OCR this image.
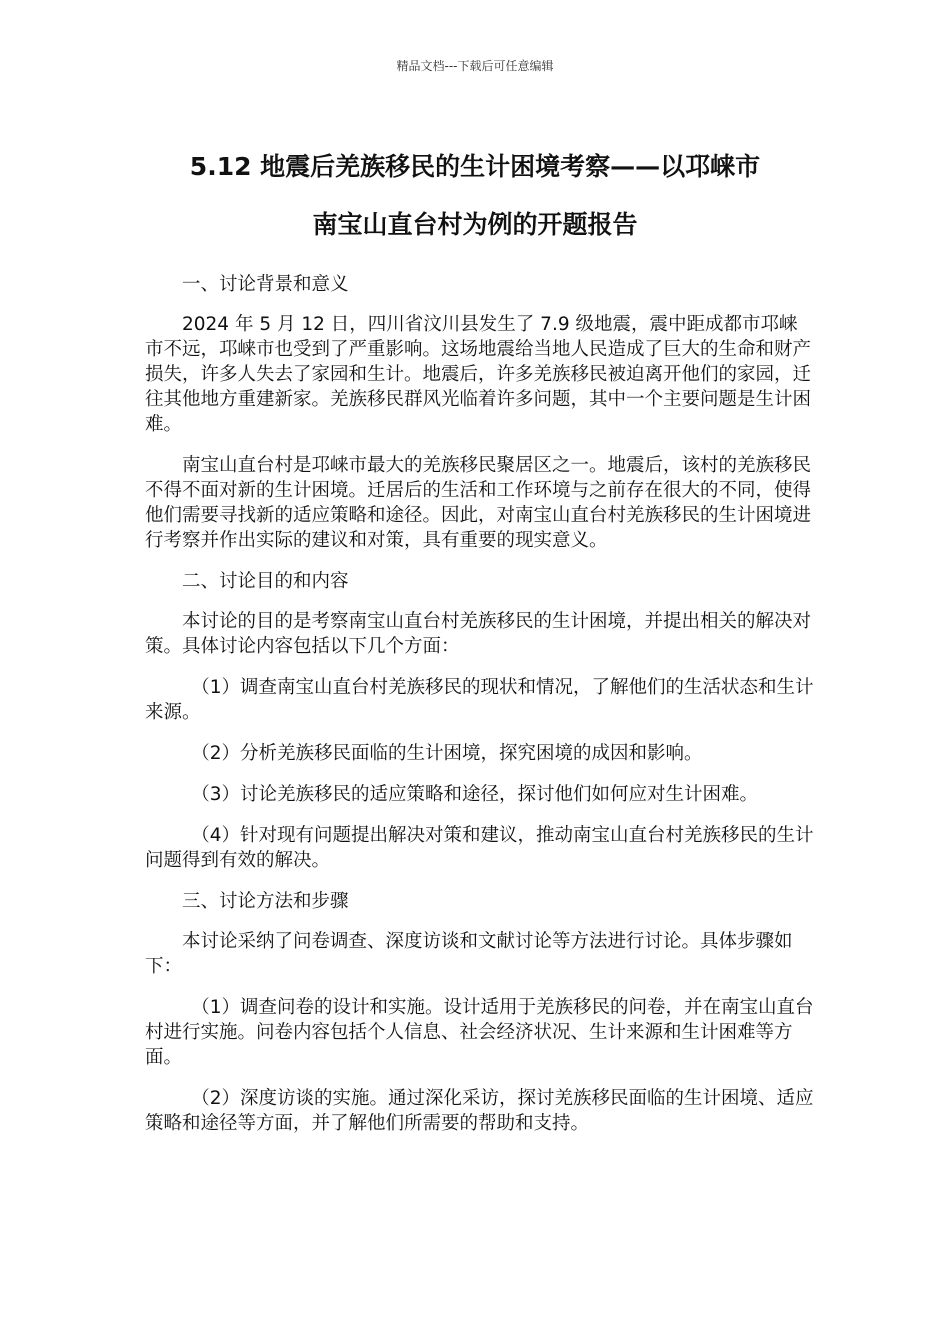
精品文档---下载后可任意编辑
5.12 地震后羌族移民的生计困境考察——以邛崃市
南宝山直台村为例的开题报告

一、讨论背景和意义

2024 年 5 月 12 日，四川省汶川县发生了 7.9 级地震，震中距成都市邛崃市不远，邛崃市也受到了严重影响。这场地震给当地人民造成了巨大的生命和财产损失，许多人失去了家园和生计。地震后，许多羌族移民被迫离开他们的家园，迁往其他地方重建新家。羌族移民群风光临着许多问题，其中一个主要问题是生计困难。

南宝山直台村是邛崃市最大的羌族移民聚居区之一。地震后，该村的羌族移民不得不面对新的生计困境。迁居后的生活和工作环境与之前存在很大的不同，使得他们需要寻找新的适应策略和途径。因此，对南宝山直台村羌族移民的生计困境进行考察并作出实际的建议和对策，具有重要的现实意义。

二、讨论目的和内容

本讨论的目的是考察南宝山直台村羌族移民的生计困境，并提出相关的解决对策。具体讨论内容包括以下几个方面：

（1）调查南宝山直台村羌族移民的现状和情况，了解他们的生活状态和生计来源。

（2）分析羌族移民面临的生计困境，探究困境的成因和影响。

（3）讨论羌族移民的适应策略和途径，探讨他们如何应对生计困难。

（4）针对现有问题提出解决对策和建议，推动南宝山直台村羌族移民的生计问题得到有效的解决。

三、讨论方法和步骤

本讨论采纳了问卷调查、深度访谈和文献讨论等方法进行讨论。具体步骤如下：

（1）调查问卷的设计和实施。设计适用于羌族移民的问卷，并在南宝山直台村进行实施。问卷内容包括个人信息、社会经济状况、生计来源和生计困难等方面。

（2）深度访谈的实施。通过深化采访，探讨羌族移民面临的生计困境、适应策略和途径等方面，并了解他们所需要的帮助和支持。
